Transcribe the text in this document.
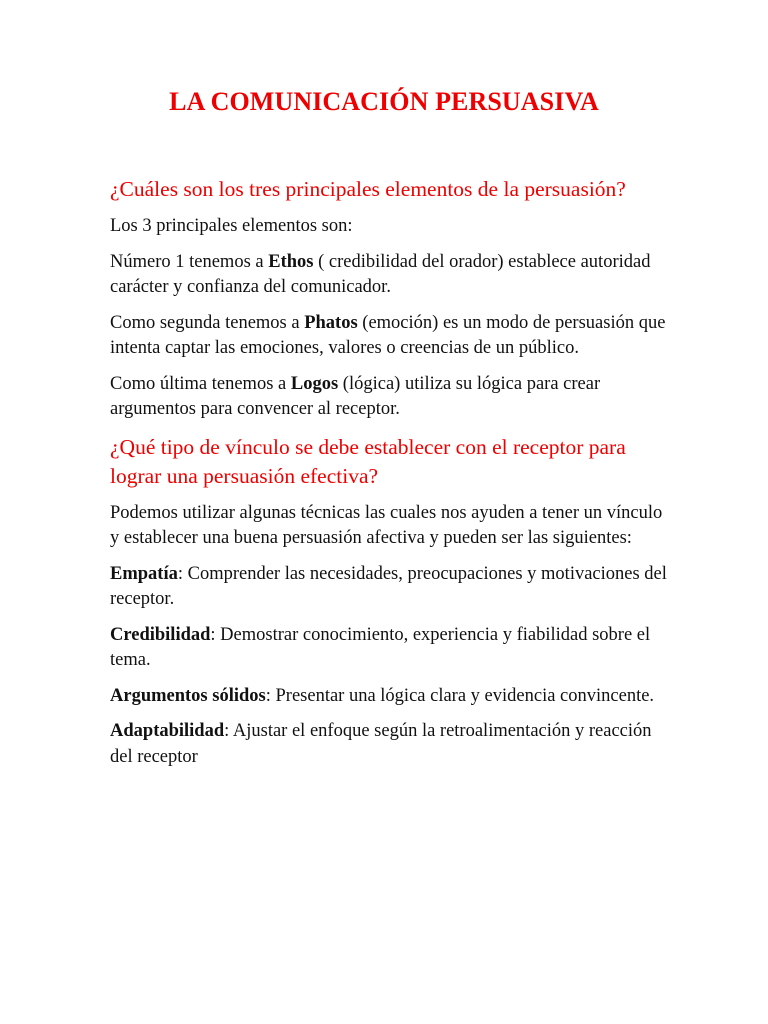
LA COMUNICACIÓN PERSUASIVA

¿Cuáles son los tres principales elementos de la persuasión?

Los 3 principales elementos son:

Número 1 tenemos a Ethos ( credibilidad del orador) establece autoridad carácter y confianza del comunicador.

Como segunda tenemos a Phatos (emoción) es un modo de persuasión que intenta captar las emociones, valores o creencias de un público.

Como última tenemos a Logos (lógica) utiliza su lógica para crear argumentos para convencer al receptor.

¿Qué tipo de vínculo se debe establecer con el receptor para lograr una persuasión efectiva?

Podemos utilizar algunas técnicas las cuales nos ayuden a tener un vínculo y establecer una buena persuasión afectiva y pueden ser las siguientes:

Empatía: Comprender las necesidades, preocupaciones y motivaciones del receptor.

Credibilidad: Demostrar conocimiento, experiencia y fiabilidad sobre el tema.

Argumentos sólidos: Presentar una lógica clara y evidencia convincente.

Adaptabilidad: Ajustar el enfoque según la retroalimentación y reacción del receptor
